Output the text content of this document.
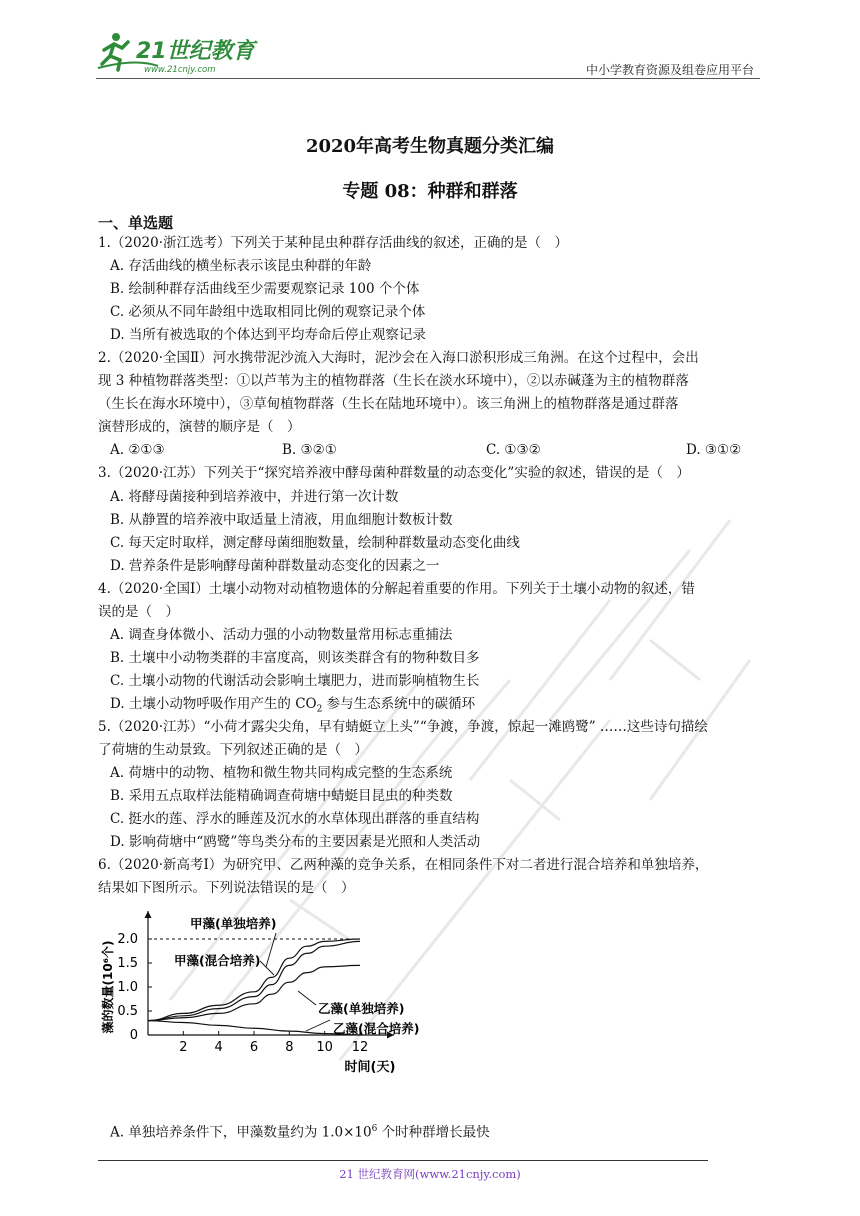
21世纪教育
www.21cnjy.com	中小学教育资源及组卷应用平台
2020年高考生物真题分类汇编
专题 08：种群和群落
一、单选题
1.（2020·浙江选考）下列关于某种昆虫种群存活曲线的叙述，正确的是（　）
A. 存活曲线的横坐标表示该昆虫种群的年龄
B. 绘制种群存活曲线至少需要观察记录 100 个个体
C. 必须从不同年龄组中选取相同比例的观察记录个体
D. 当所有被选取的个体达到平均寿命后停止观察记录
2.（2020·全国Ⅱ）河水携带泥沙流入大海时，泥沙会在入海口淤积形成三角洲。在这个过程中，会出
现 3 种植物群落类型：①以芦苇为主的植物群落（生长在淡水环境中），②以赤碱蓬为主的植物群落
（生长在海水环境中），③草甸植物群落（生长在陆地环境中）。该三角洲上的植物群落是通过群落
演替形成的，演替的顺序是（　）
A. ②①③	B. ③②①	C. ①③②	D. ③①②
3.（2020·江苏）下列关于“探究培养液中酵母菌种群数量的动态变化”实验的叙述，错误的是（　）
A. 将酵母菌接种到培养液中，并进行第一次计数
B. 从静置的培养液中取适量上清液，用血细胞计数板计数
C. 每天定时取样，测定酵母菌细胞数量，绘制种群数量动态变化曲线
D. 营养条件是影响酵母菌种群数量动态变化的因素之一
4.（2020·全国Ⅰ）土壤小动物对动植物遗体的分解起着重要的作用。下列关于土壤小动物的叙述，错
误的是（　）
A. 调查身体微小、活动力强的小动物数量常用标志重捕法
B. 土壤中小动物类群的丰富度高，则该类群含有的物种数目多
C. 土壤小动物的代谢活动会影响土壤肥力，进而影响植物生长
D. 土壤小动物呼吸作用产生的 $CO_2$ 参与生态系统中的碳循环
5.（2020·江苏）“小荷才露尖尖角，早有蜻蜓立上头”“争渡，争渡，惊起一滩鸥鹭” ……这些诗句描绘
了荷塘的生动景致。下列叙述正确的是（　）
A. 荷塘中的动物、植物和微生物共同构成完整的生态系统
B. 采用五点取样法能精确调查荷塘中蜻蜓目昆虫的种类数
C. 挺水的莲、浮水的睡莲及沉水的水草体现出群落的垂直结构
D. 影响荷塘中“鸥鹭”等鸟类分布的主要因素是光照和人类活动
6.（2020·新高考Ⅰ）为研究甲、乙两种藻的竞争关系，在相同条件下对二者进行混合培养和单独培养，
结果如下图所示。下列说法错误的是（　）
2 4 6 8 10 12
0
0.5
1.0
1.5
2.0
时间(天)
藻的数量(10⁶个)
甲藻(单独培养)
甲藻(混合培养)
乙藻(单独培养)
乙藻(混合培养)
A. 单独培养条件下，甲藻数量约为 $1.0\times 10^6$ 个时种群增长最快
21 世纪教育网(www.21cnjy.com)
